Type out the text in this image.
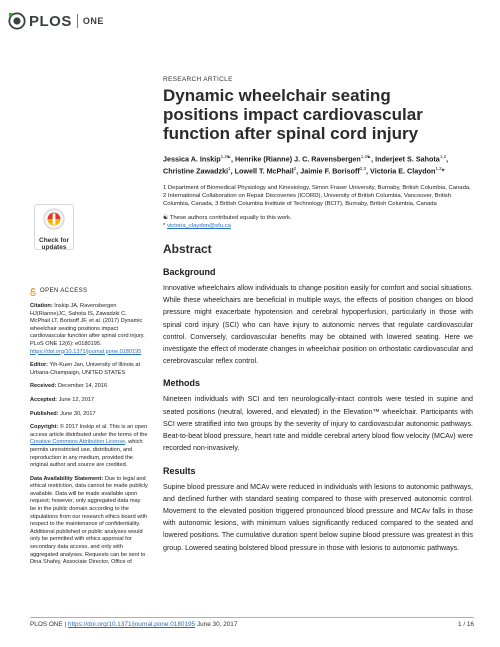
PLOS ONE
Check for updates
OPEN ACCESS

Citation: Inskip JA, Ravensbergen HJ(Rianne)JC, Sahota IS, Zawadzki C, McPhail LT, Borisoff JF, et al. (2017) Dynamic wheelchair seating positions impact cardiovascular function after spinal cord injury. PLoS ONE 12(6): e0180195. https://doi.org/10.1371/journal.pone.0180195

Editor: Yih-Kuen Jan, University of Illinois at Urbana-Champaign, UNITED STATES

Received: December 14, 2016

Accepted: June 12, 2017

Published: June 30, 2017

Copyright: © 2017 Inskip et al. This is an open access article distributed under the terms of the Creative Commons Attribution License, which permits unrestricted use, distribution, and reproduction in any medium, provided the original author and source are credited.

Data Availability Statement: Due to legal and ethical restriction, data cannot be made publicly available. Data will be made available upon request; however, only aggregated data may be in the public domain according to the stipulations from our research ethics board with respect to the maintenance of confidentiality. Additional published or public analyses would only be permitted with ethics approval for secondary data access, and only with aggregated analyses. Requests can be sent to Dina Shafey, Associate Director, Office of

RESEARCH ARTICLE
Dynamic wheelchair seating positions impact cardiovascular function after spinal cord injury
Jessica A. Inskip$^{1,2☯}$, Henrike (Rianne) J. C. Ravensbergen$^{1,2☯}$, Inderjeet S. Sahota$^{1,2}$, Christine Zawadzki$^1$, Lowell T. McPhail$^2$, Jaimie F. Borisoff$^{2,3}$, Victoria E. Claydon$^{1,2}$*
1 Department of Biomedical Physiology and Kinesiology, Simon Fraser University, Burnaby, British Columbia, Canada, 2 International Collaboration on Repair Discoveries (ICORD), University of British Columbia, Vancouver, British Columbia, Canada, 3 British Columbia Institute of Technology (BCIT), Burnaby, British Columbia, Canada
☯ These authors contributed equally to this work.
* victoria_claydon@sfu.ca
Abstract
Background

Innovative wheelchairs allow individuals to change position easily for comfort and social situations. While these wheelchairs are beneficial in multiple ways, the effects of position changes on blood pressure might exacerbate hypotension and cerebral hypoperfusion, particularly in those with spinal cord injury (SCI) who can have injury to autonomic nerves that regulate cardiovascular control. Conversely, cardiovascular benefits may be obtained with lowered seating. Here we investigate the effect of moderate changes in wheelchair position on orthostatic cardiovascular and cerebrovascular reflex control.

Methods

Nineteen individuals with SCI and ten neurologically-intact controls were tested in supine and seated positions (neutral, lowered, and elevated) in the Elevation™ wheelchair. Participants with SCI were stratified into two groups by the severity of injury to cardiovascular autonomic pathways. Beat-to-beat blood pressure, heart rate and middle cerebral artery blood flow velocity (MCAv) were recorded non-invasively.

Results

Supine blood pressure and MCAv were reduced in individuals with lesions to autonomic pathways, and declined further with standard seating compared to those with preserved autonomic control. Movement to the elevated position triggered pronounced blood pressure and MCAv falls in those with autonomic lesions, with minimum values significantly reduced compared to the seated and lowered positions. The cumulative duration spent below supine blood pressure was greatest in this group. Lowered seating bolstered blood pressure in those with lesions to autonomic pathways.

PLOS ONE | https://doi.org/10.1371/journal.pone.0180195 June 30, 2017	1 / 16
